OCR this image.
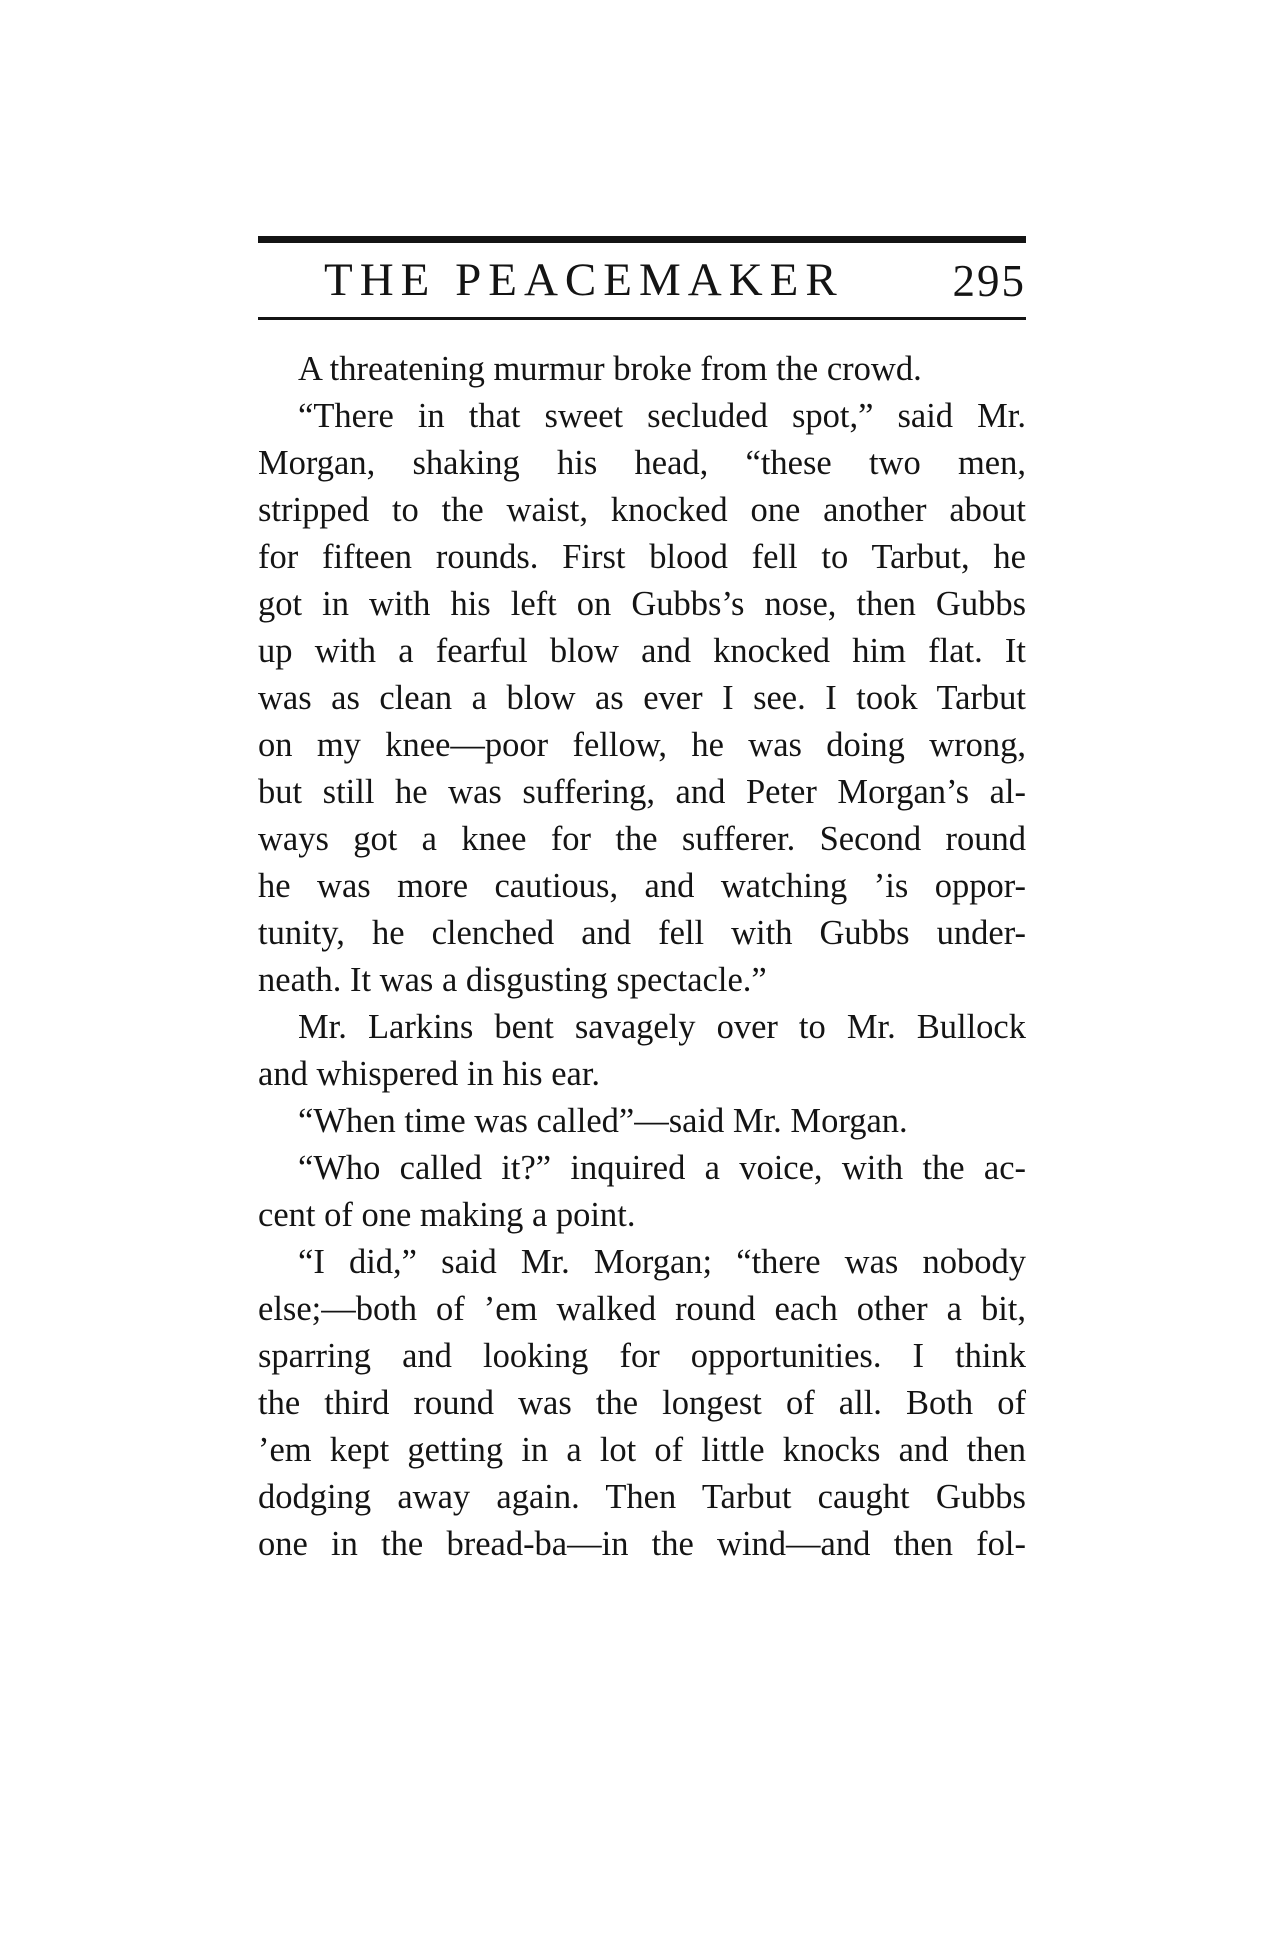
THE PEACEMAKER 295
A threatening murmur broke from the crowd.
“There in that sweet secluded spot,” said Mr.
Morgan, shaking his head, “these two men,
stripped to the waist, knocked one another about
for fifteen rounds. First blood fell to Tarbut, he
got in with his left on Gubbs’s nose, then Gubbs
up with a fearful blow and knocked him flat. It
was as clean a blow as ever I see. I took Tarbut
on my knee—poor fellow, he was doing wrong,
but still he was suffering, and Peter Morgan’s al-
ways got a knee for the sufferer. Second round
he was more cautious, and watching ’is oppor-
tunity, he clenched and fell with Gubbs under-
neath. It was a disgusting spectacle.”
Mr. Larkins bent savagely over to Mr. Bullock
and whispered in his ear.
“When time was called”—said Mr. Morgan.
“Who called it?” inquired a voice, with the ac-
cent of one making a point.
“I did,” said Mr. Morgan; “there was nobody
else;—both of ’em walked round each other a bit,
sparring and looking for opportunities. I think
the third round was the longest of all. Both of
’em kept getting in a lot of little knocks and then
dodging away again. Then Tarbut caught Gubbs
one in the bread-ba—in the wind—and then fol-
